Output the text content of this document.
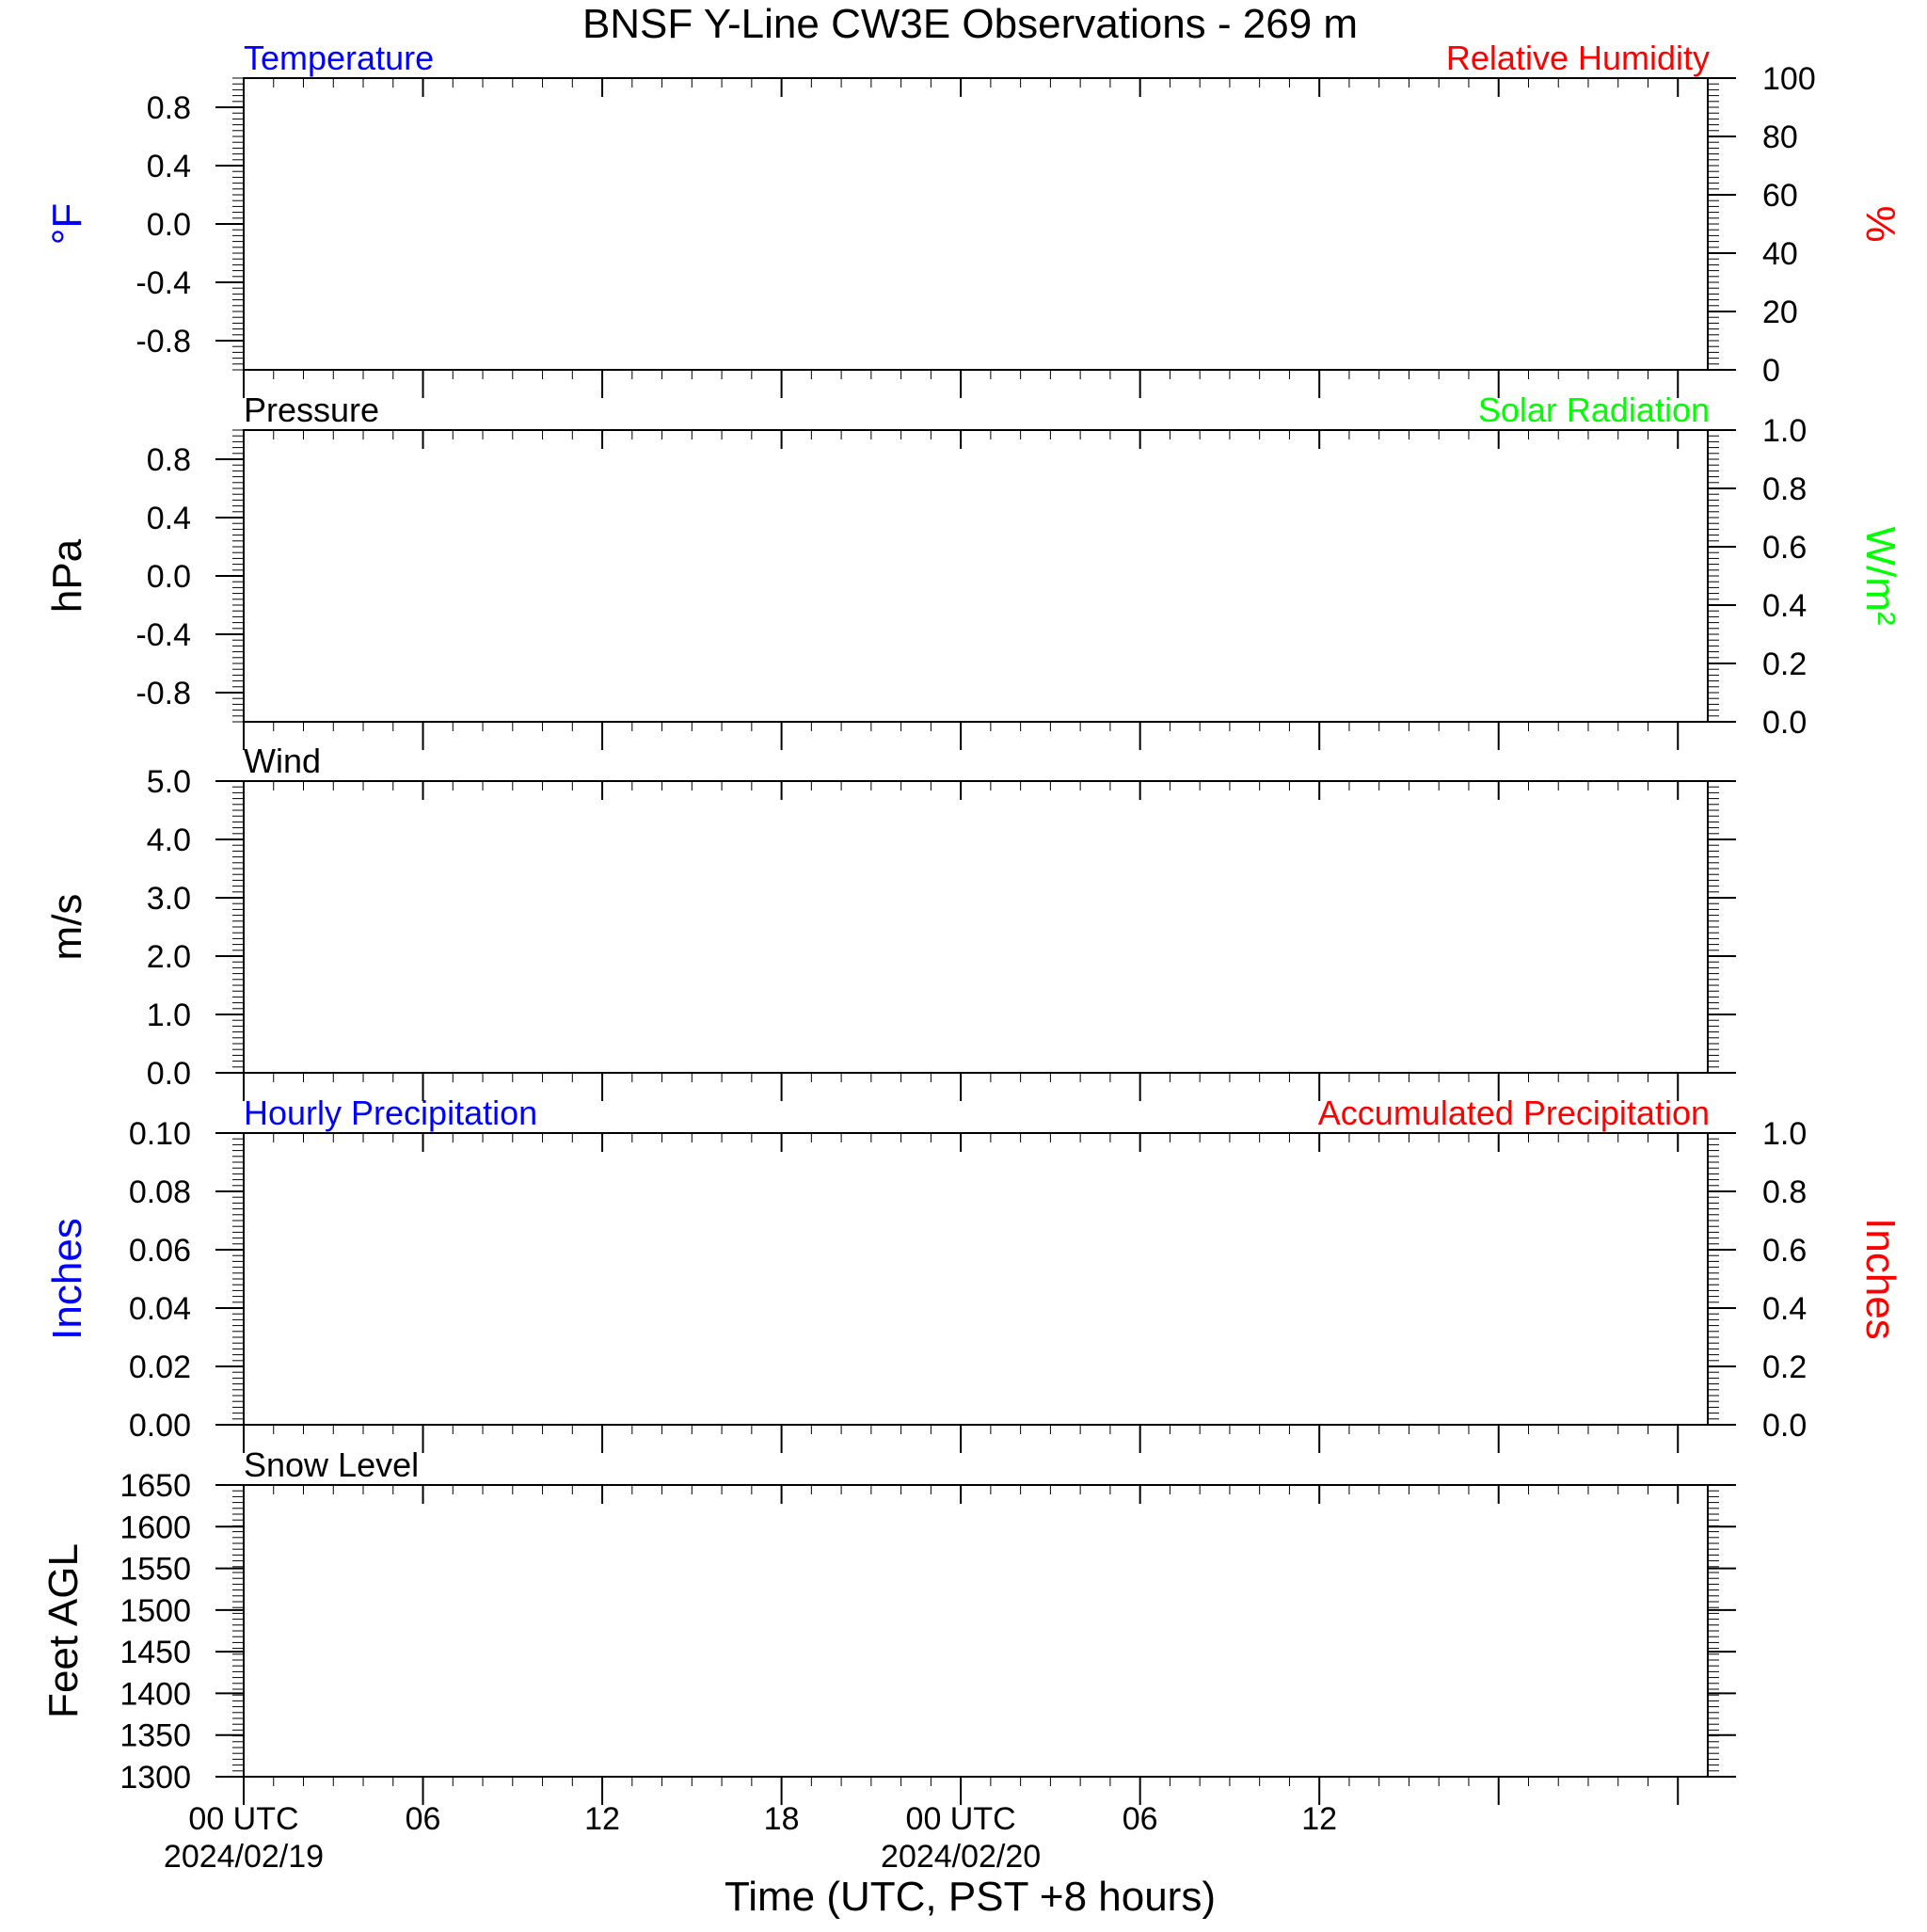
BNSF Y-Line CW3E Observations - 269 m
Time (UTC, PST +8 hours)
Temperature	Relative Humidity
0.8
0.4
0.0
-0.4
-0.8
100
80
60
40
20
0
°F	%
Pressure	Solar Radiation
0.8
0.4
0.0
-0.4
-0.8
1.0
0.8
0.6
0.4
0.2
0.0
hPa	W/m²
Wind
5.0
4.0
3.0
2.0
1.0
0.0
m/s
Hourly Precipitation	Accumulated Precipitation
0.10
0.08
0.06
0.04
0.02
0.00
1.0
0.8
0.6
0.4
0.2
0.0
Inches	Inches
Snow Level
1650
1600
1550
1500
1450
1400
1350
1300
Feet AGL
00 UTC
2024/02/19
06	12	18	00 UTC
2024/02/20
06	12
